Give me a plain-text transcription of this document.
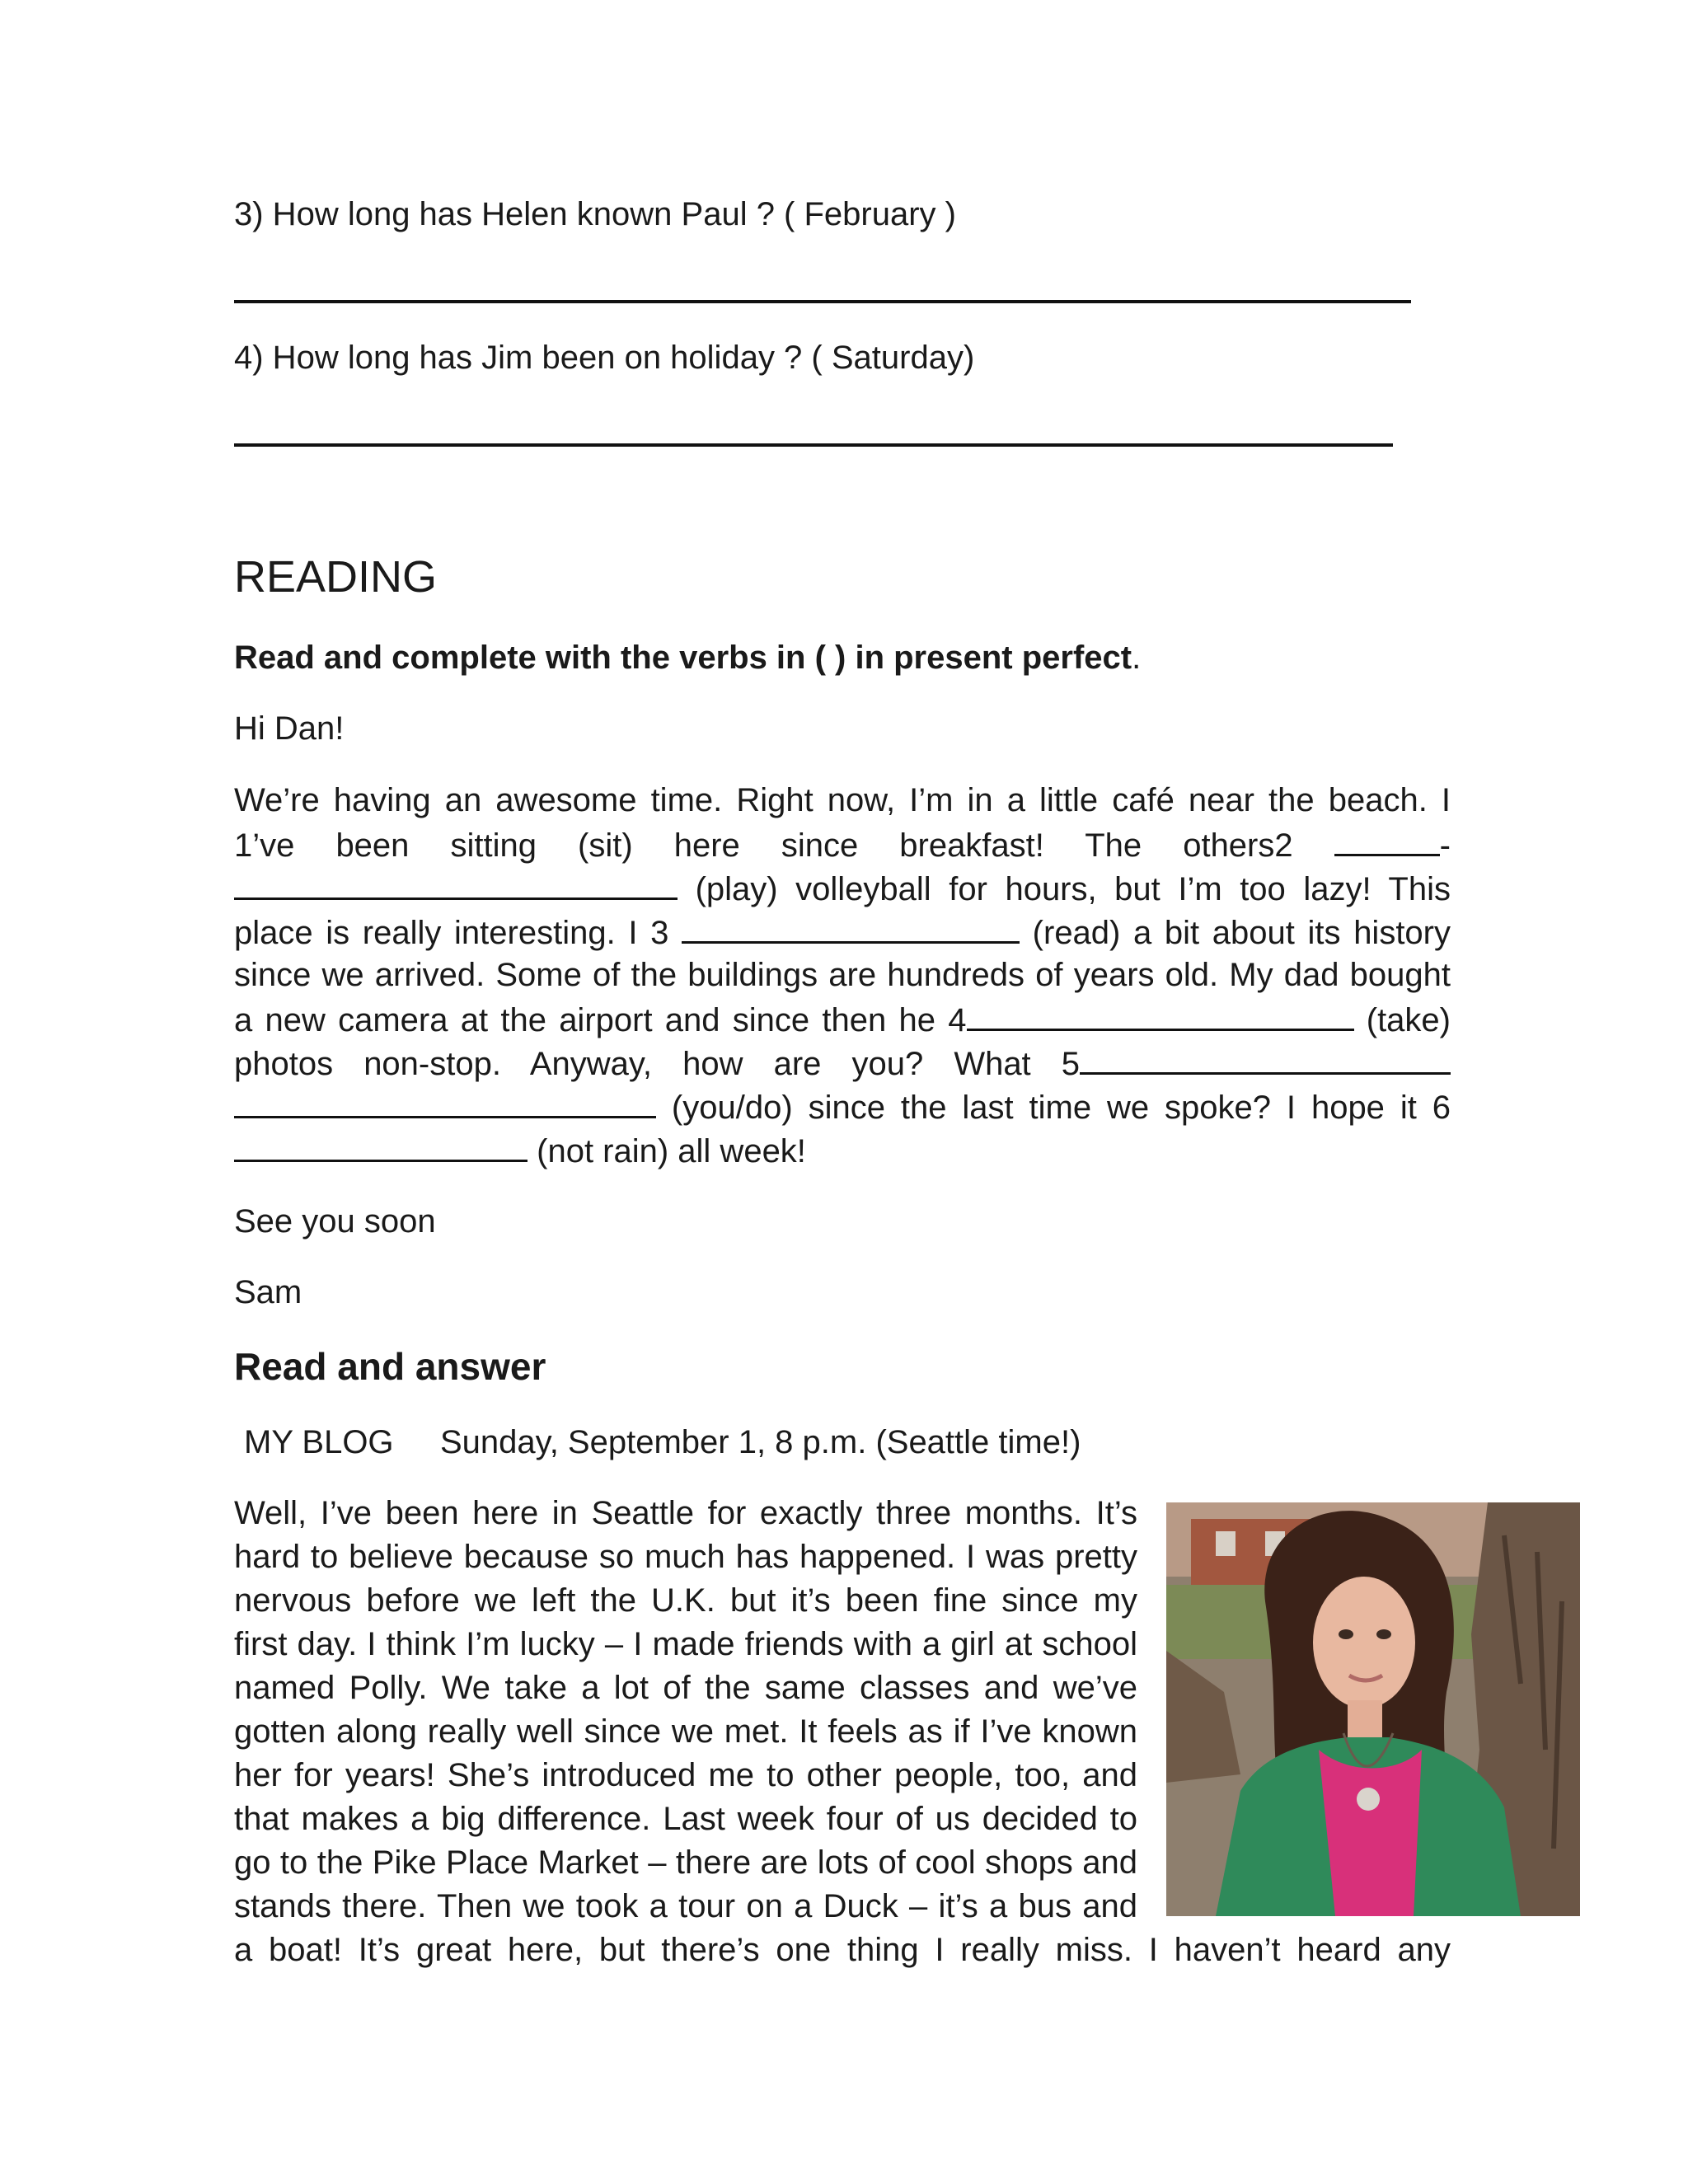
3) How long has Helen known Paul ? ( February )
4) How long has Jim been on holiday ? ( Saturday)
READING
Read and complete with the verbs in ( ) in present perfect.
Hi Dan!
We’re having an awesome time. Right now, I’m in a little café near the beach. I
1’ve been sitting (sit) here since breakfast! The others2	-
(play) volleyball for hours, but I’m too lazy! This
place is really interesting. I 3	(read) a bit about its history
since we arrived. Some of the buildings are hundreds of years old. My dad bought
a new camera at the airport and since then he 4	(take)
photos non-stop. Anyway, how are you? What 5
(you/do) since the last time we spoke? I hope it 6
(not rain) all week!
See you soon
Sam
Read and answer
MY BLOG Sunday, September 1, 8 p.m. (Seattle time!)
Well, I’ve been here in Seattle for exactly three months. It’s
hard to believe because so much has happened. I was pretty
nervous before we left the U.K. but it’s been fine since my
first day. I think I’m lucky – I made friends with a girl at school
named Polly. We take a lot of the same classes and we’ve
gotten along really well since we met. It feels as if I’ve known
her for years! She’s introduced me to other people, too, and
that makes a big difference. Last week four of us decided to
go to the Pike Place Market – there are lots of cool shops and
stands there. Then we took a tour on a Duck – it’s a bus and
a boat! It’s great here, but there’s one thing I really miss. I haven’t heard any
